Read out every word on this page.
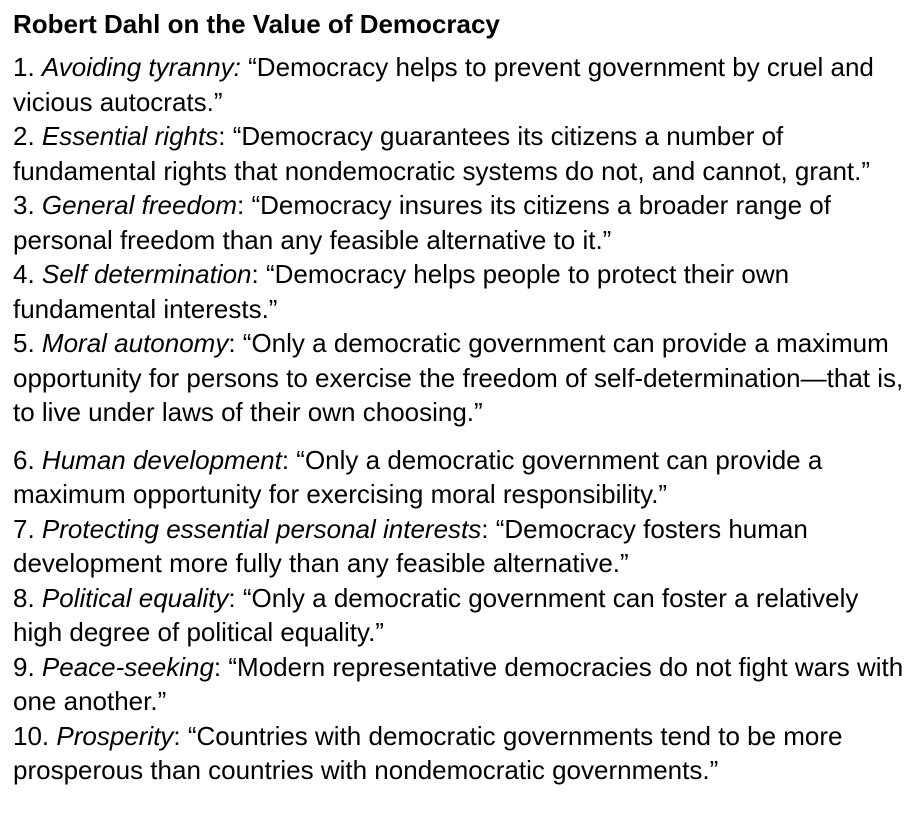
Robert Dahl on the Value of Democracy
1. Avoiding tyranny: “Democracy helps to prevent government by cruel and vicious autocrats.”
2. Essential rights: “Democracy guarantees its citizens a number of fundamental rights that nondemocratic systems do not, and cannot, grant.”
3. General freedom: “Democracy insures its citizens a broader range of personal freedom than any feasible alternative to it.”
4. Self determination: “Democracy helps people to protect their own fundamental interests.”
5. Moral autonomy: “Only a democratic government can provide a maximum opportunity for persons to exercise the freedom of self-determination—that is, to live under laws of their own choosing.”
6. Human development: “Only a democratic government can provide a maximum opportunity for exercising moral responsibility.”
7. Protecting essential personal interests: “Democracy fosters human development more fully than any feasible alternative.”
8. Political equality: “Only a democratic government can foster a relatively high degree of political equality.”
9. Peace-seeking: “Modern representative democracies do not fight wars with one another.”
10. Prosperity: “Countries with democratic governments tend to be more prosperous than countries with nondemocratic governments.”
